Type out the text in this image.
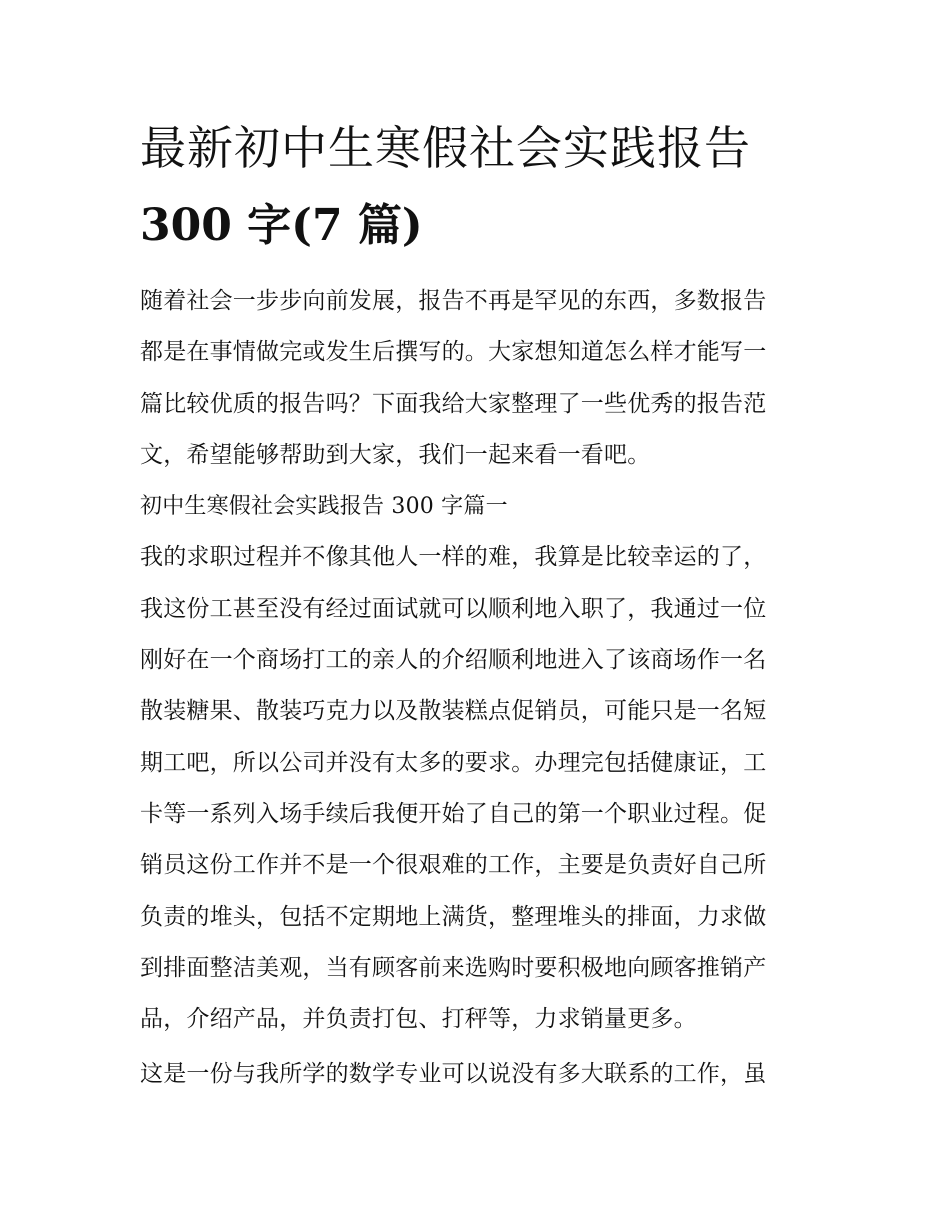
最新初中生寒假社会实践报告
300 字(7 篇)
随着社会一步步向前发展，报告不再是罕见的东西，多数报告
都是在事情做完或发生后撰写的。大家想知道怎么样才能写一
篇比较优质的报告吗？下面我给大家整理了一些优秀的报告范
文，希望能够帮助到大家，我们一起来看一看吧。
初中生寒假社会实践报告 300 字篇一
我的求职过程并不像其他人一样的难，我算是比较幸运的了，
我这份工甚至没有经过面试就可以顺利地入职了，我通过一位
刚好在一个商场打工的亲人的介绍顺利地进入了该商场作一名
散装糖果、散装巧克力以及散装糕点促销员，可能只是一名短
期工吧，所以公司并没有太多的要求。办理完包括健康证，工
卡等一系列入场手续后我便开始了自己的第一个职业过程。促
销员这份工作并不是一个很艰难的工作，主要是负责好自己所
负责的堆头，包括不定期地上满货，整理堆头的排面，力求做
到排面整洁美观，当有顾客前来选购时要积极地向顾客推销产
品，介绍产品，并负责打包、打秤等，力求销量更多。
这是一份与我所学的数学专业可以说没有多大联系的工作，虽
